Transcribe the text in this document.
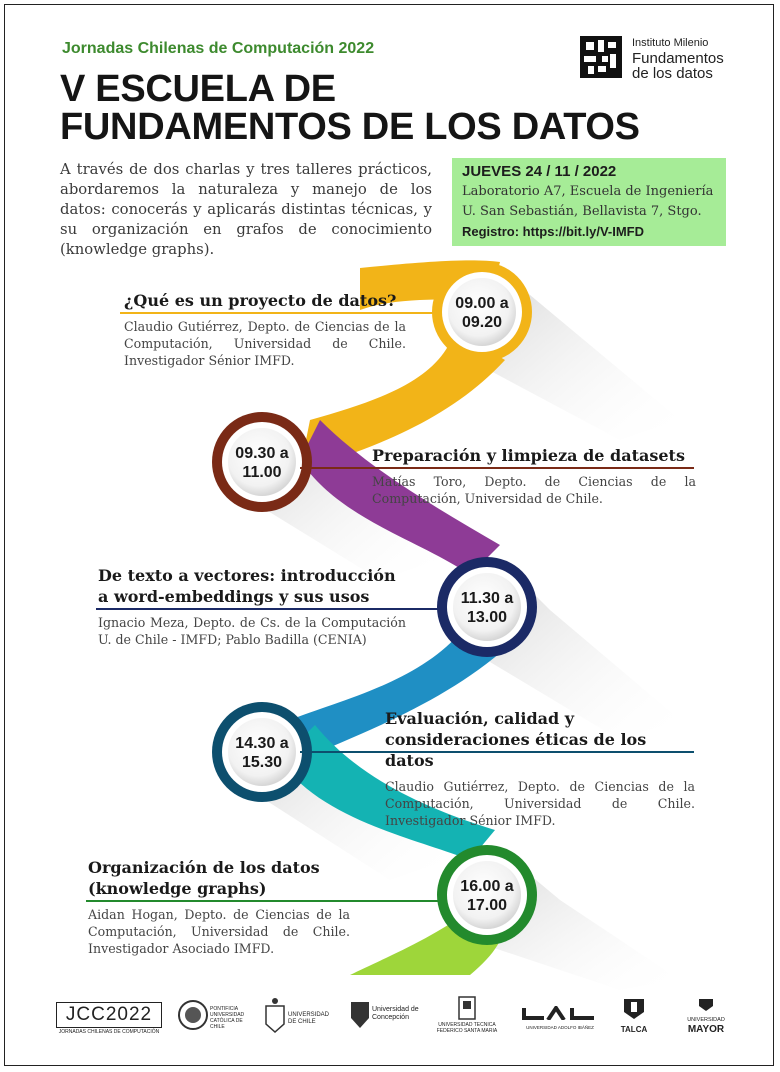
Jornadas Chilenas de Computación 2022
V ESCUELA DE
FUNDAMENTOS DE LOS DATOS
Instituto Milenio
Fundamentos
de los datos
A través de dos charlas y tres talleres prácticos, abordaremos la naturaleza y manejo de los datos: conocerás y aplicarás distintas técnicas, y su organización en grafos de conocimiento (knowledge graphs).
JUEVES 24 / 11 / 2022
Laboratorio A7, Escuela de Ingeniería
U. San Sebastián, Bellavista 7, Stgo.
Registro: https://bit.ly/V-IMFD
09.00 a
09.20
09.30 a
11.00
11.30 a
13.00
14.30 a
15.30
16.00 a
17.00
¿Qué es un proyecto de datos?
Claudio Gutiérrez, Depto. de Ciencias de la Computación, Universidad de Chile. Investigador Sénior IMFD.
Preparación y limpieza de datasets
Matías Toro, Depto. de Ciencias de la Computación, Universidad de Chile.
De texto a vectores: introducción
a word-embeddings y sus usos
Ignacio Meza, Depto. de Cs. de la Computación U. de Chile - IMFD; Pablo Badilla (CENIA)
Evaluación, calidad y
consideraciones éticas de los datos
Claudio Gutiérrez, Depto. de Ciencias de la Computación, Universidad de Chile. Investigador Sénior IMFD.
Organización de los datos
(knowledge graphs)
Aidan Hogan, Depto. de Ciencias de la Computación, Universidad de Chile. Investigador Asociado IMFD.
JCC2022
JORNADAS CHILENAS DE COMPUTACIÓN
PONTIFICIA UNIVERSIDAD CATÓLICA DE CHILE
UNIVERSIDAD DE CHILE
Universidad de Concepción
UNIVERSIDAD TECNICA FEDERICO SANTA MARIA
UNIVERSIDAD ADOLFO IBÁÑEZ	TALCA
UNIVERSIDAD
MAYOR
